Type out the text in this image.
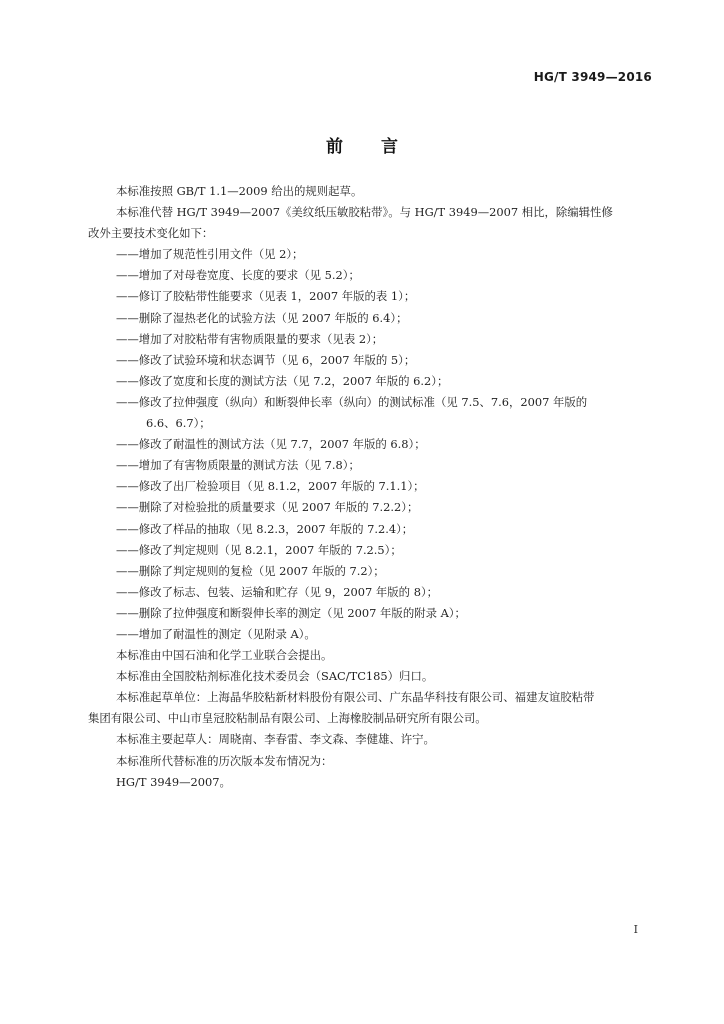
HG/T 3949—2016
前言
本标准按照 GB/T 1.1—2009 给出的规则起草。
本标准代替 HG/T 3949—2007《美纹纸压敏胶粘带》。与 HG/T 3949—2007 相比，除编辑性修
改外主要技术变化如下：
——增加了规范性引用文件（见 2）；
——增加了对母卷宽度、长度的要求（见 5.2）；
——修订了胶粘带性能要求（见表 1，2007 年版的表 1）；
——删除了湿热老化的试验方法（见 2007 年版的 6.4）；
——增加了对胶粘带有害物质限量的要求（见表 2）；
——修改了试验环境和状态调节（见 6，2007 年版的 5）；
——修改了宽度和长度的测试方法（见 7.2，2007 年版的 6.2）；
——修改了拉伸强度（纵向）和断裂伸长率（纵向）的测试标准（见 7.5、7.6，2007 年版的
6.6、6.7）；
——修改了耐温性的测试方法（见 7.7，2007 年版的 6.8）；
——增加了有害物质限量的测试方法（见 7.8）；
——修改了出厂检验项目（见 8.1.2，2007 年版的 7.1.1）；
——删除了对检验批的质量要求（见 2007 年版的 7.2.2）；
——修改了样品的抽取（见 8.2.3，2007 年版的 7.2.4）；
——修改了判定规则（见 8.2.1，2007 年版的 7.2.5）；
——删除了判定规则的复检（见 2007 年版的 7.2）；
——修改了标志、包装、运输和贮存（见 9，2007 年版的 8）；
——删除了拉伸强度和断裂伸长率的测定（见 2007 年版的附录 A）；
——增加了耐温性的测定（见附录 A）。
本标准由中国石油和化学工业联合会提出。
本标准由全国胶粘剂标准化技术委员会（SAC/TC185）归口。
本标准起草单位：上海晶华胶粘新材料股份有限公司、广东晶华科技有限公司、福建友谊胶粘带
集团有限公司、中山市皇冠胶粘制品有限公司、上海橡胶制品研究所有限公司。
本标准主要起草人：周晓南、李春雷、李文森、李健雄、许宁。
本标准所代替标准的历次版本发布情况为：
HG/T 3949—2007。
I
